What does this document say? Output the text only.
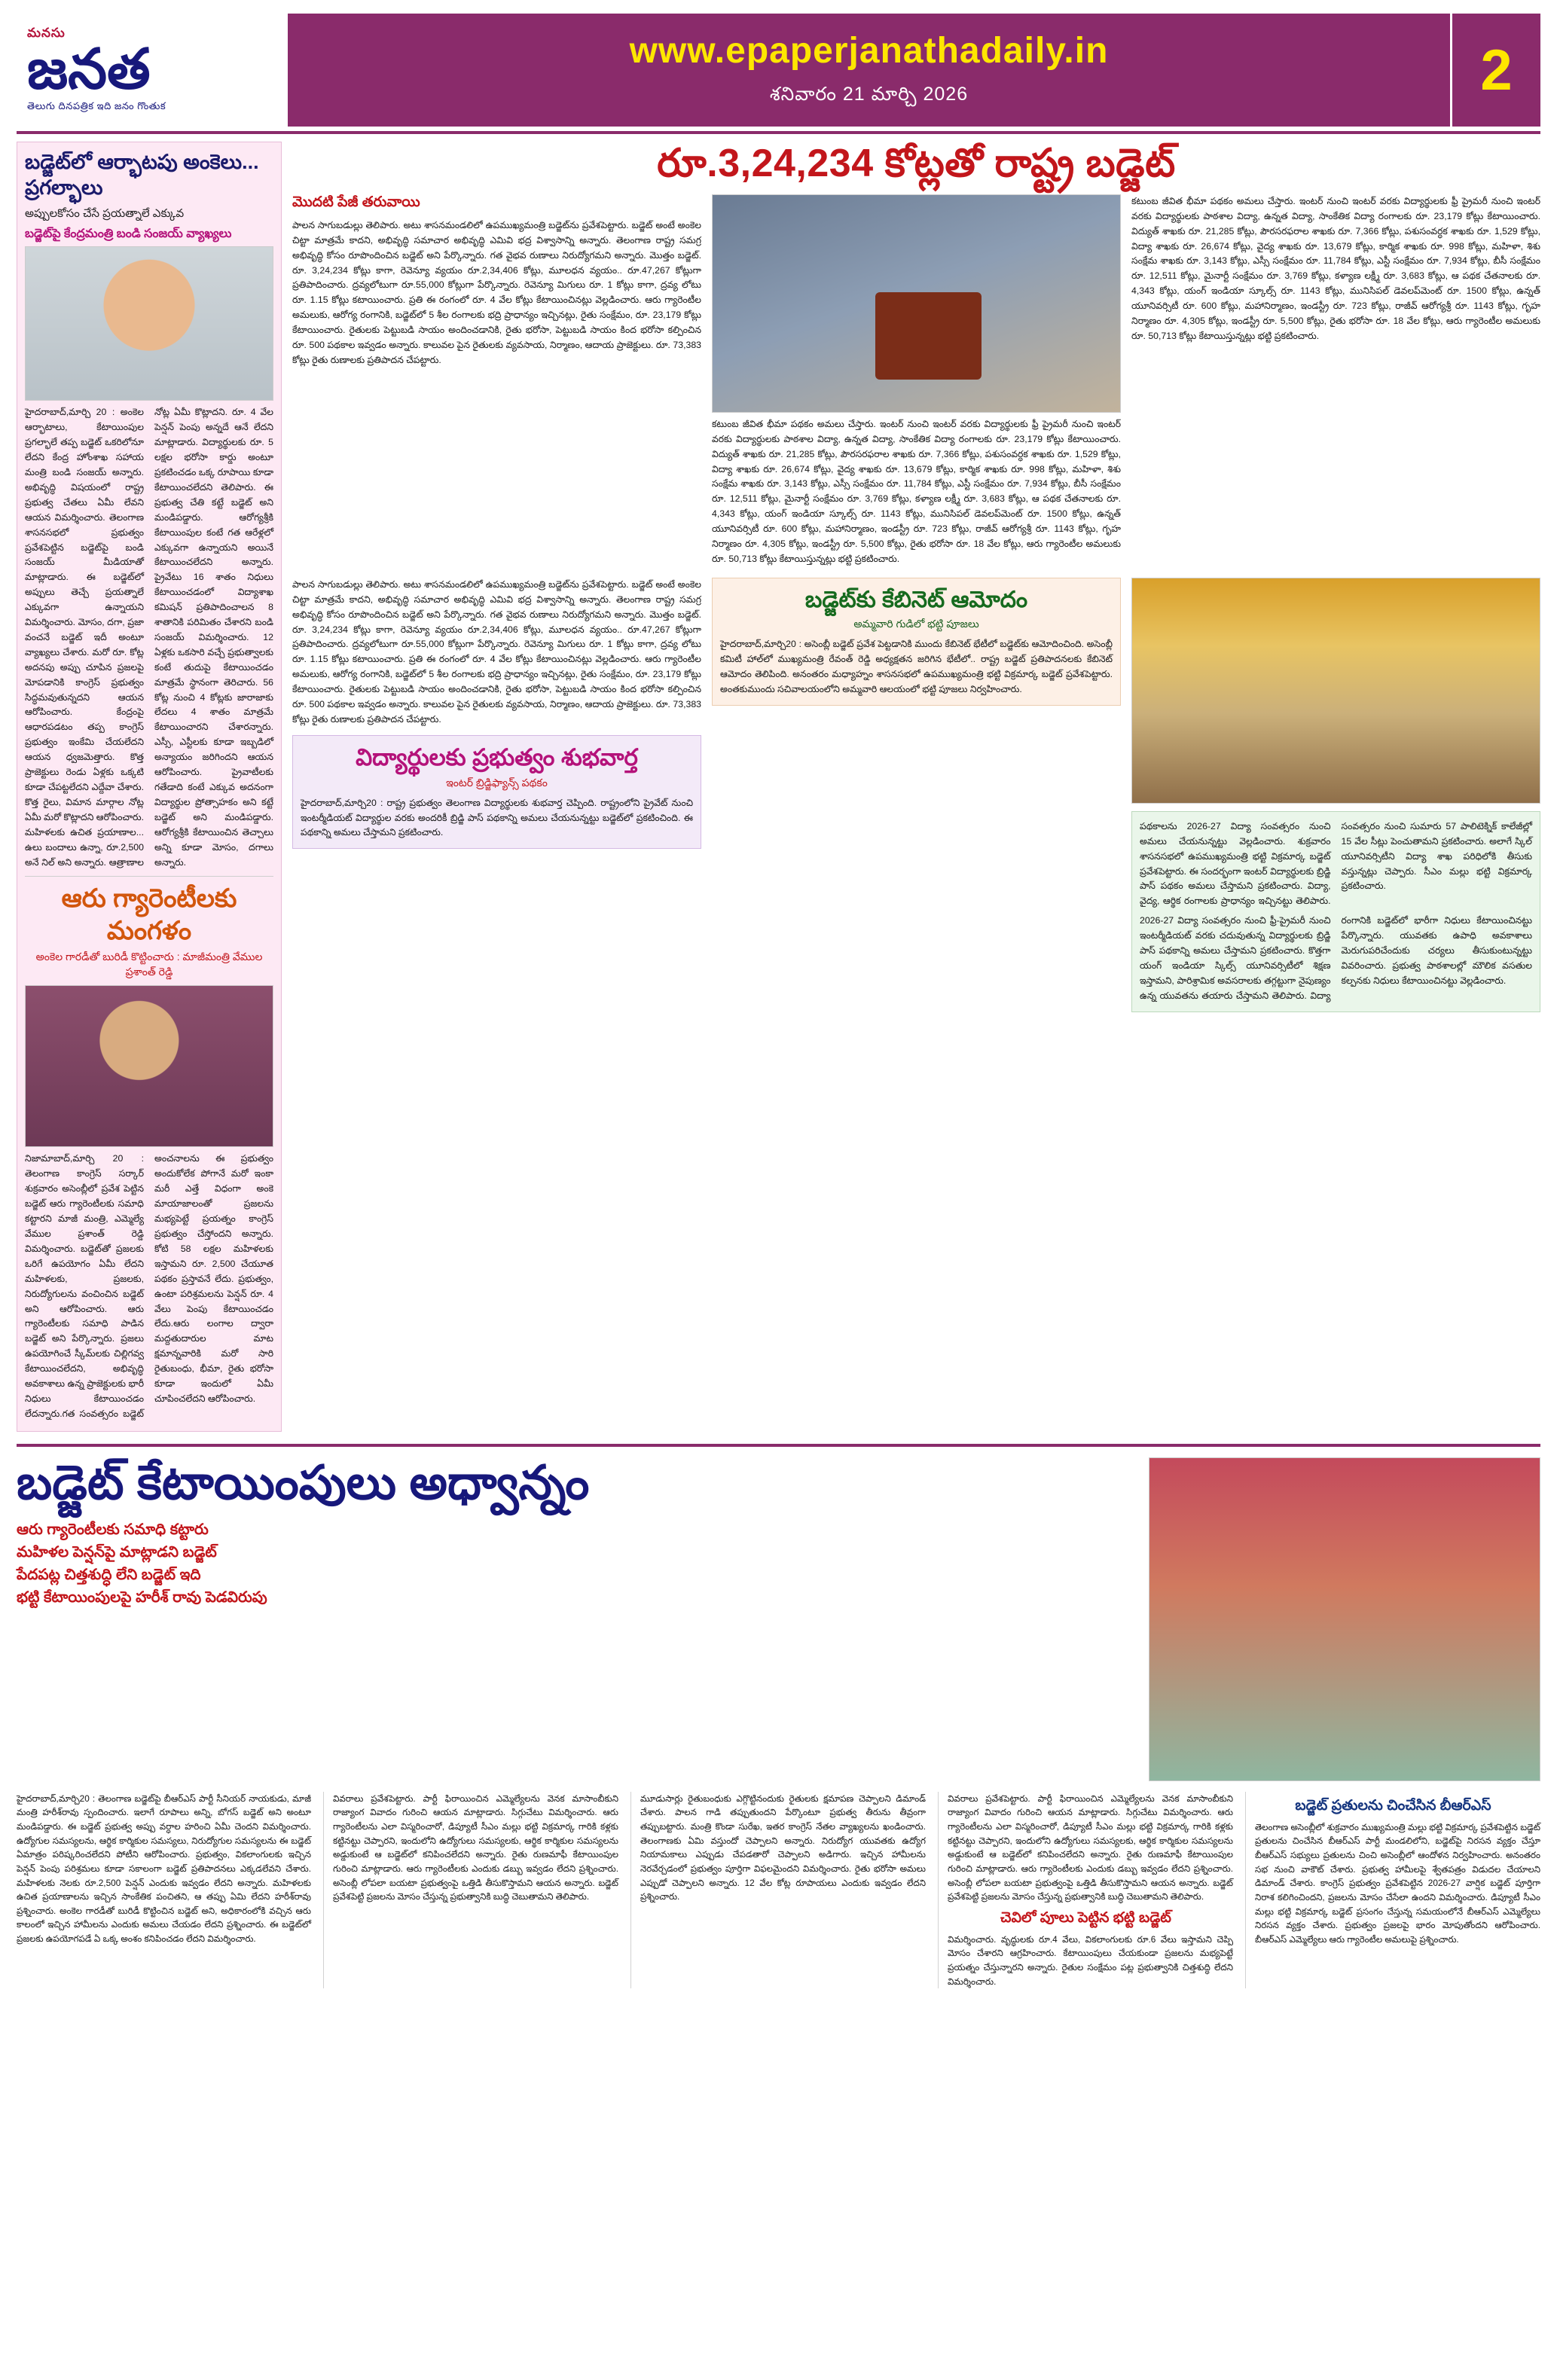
మనసు
జనత
తెలుగు దినపత్రిక ఇది జనం గొంతుక
www.epaperjanathadaily.in
శనివారం 21 మార్చి 2026	2
బడ్జెట్‌లో ఆర్భాటపు అంకెలు... ప్రగల్భాలు
అప్పులకోసం చేసే ప్రయత్నాలే ఎక్కువ
బడ్జెట్‌పై కేంద్రమంత్రి బండి సంజయ్ వ్యాఖ్యలు
హైదరాబాద్,మార్చి 20 : అంకెల ఆర్భాటాలు, కేటాయింపుల ప్రగల్భాలే తప్ప బడ్జెట్ ఒకరిలోనూ లేదని కేంద్ర హోంశాఖ సహాయ మంత్రి బండి సంజయ్ అన్నారు. అభివృద్ధి విషయంలో రాష్ట్ర ప్రభుత్వ చేతలు ఏమీ లేవని ఆయన విమర్శించారు. తెలంగాణ శాసనసభలో ప్రభుత్వం ప్రవేశపెట్టిన బడ్జెట్‌పై బండి సంజయ్ మీడియాతో మాట్లాడారు. ఈ బడ్జెట్‌లో అప్పులు తెచ్చే ప్రయత్నాలే ఎక్కువగా ఉన్నాయని విమర్శించారు. మోసం, దగా, ప్రజా వంచనే బడ్జెట్ ఇదీ అంటూ వ్యాఖ్యలు చేశారు. మరో రూ. కోట్ల అదనపు అప్పు చూపిన ప్రజలపై మోపడానికి కాంగ్రెస్ ప్రభుత్వం సిద్ధమవుతున్నదని ఆయన ఆరోపించారు. కేంద్రంపై ఆధారపడటం తప్ప కాంగ్రెస్ ప్రభుత్వం ఇంకేమి చేయలేదని ఆయన ధ్వజమెత్తారు. కొత్త ప్రాజెక్టులు రెండు ఏళ్లకు ఒక్కటి కూడా చేపట్టలేదని ఎద్దేవా చేశారు. కొత్త రైలు, విమాన మార్గాల నోట్ల ఏమీ మరో కొట్లాదని ఆరోపించారు. మహిళలకు ఉచిత ప్రయాణాల... ఉలు బందాలు ఉన్నా, రూ.2,500 అనే నిల్ అని అన్నారు. ఆత్రాణాల నోట్ల ఏమీ కొట్లాదని. రూ. 4 వేల పెన్షన్ పెంపు అన్నదే ఆనే లేదని మాట్లాడారు. విద్యార్థులకు రూ. 5 లక్షల భరోసా కార్డు అంటూ ప్రకటించడం ఒక్క రూపాయి కూడా కేటాయించలేదని తెలిపారు. ఈ ప్రభుత్వ చేతి కట్టే బడ్జెట్ అని మండిపడ్డారు. ఆరోగ్యశ్రీకి కేటాయింపుల కంటే గత ఆరేళ్లలో ఎక్కువగా ఉన్నాయని అయినే కేటాయించలేదని అన్నారు. ప్రైవేటు 16 శాతం నిధులు కేటాయించడంలో విద్యాశాఖ కమిషన్ ప్రతిపాదించాలన 8 శాతానికి పరిమితం చేశారని బండి సంజయ్ విమర్శించారు. 12 ఏళ్లకు ఒకసారి వచ్చే ప్రభుత్వాలకు కంటే తుదుపై కేటాయించడం మాత్రమే స్థానంగా తెరిచారు. 56 కోట్ల నుంచి 4 కోట్లకు జారాజాకు లేదలు 4 శాతం మాత్రమే కేటాయించారని చేశారన్నారు. ఎస్సీ, ఎస్టీలకు కూడా ఇబ్బడిలో అన్యాయం జరిగిందని ఆయన ఆరోపించారు. ప్రైవాటీలకు గతేడాది కంటే ఎక్కువ అదనంగా విద్యార్థుల ప్రోత్సాహకం అని కట్టే బడ్జెట్ అని మండిపడ్డారు. ఆరోగ్యశ్రీకి కేటాయించిన తెచ్చాలు అన్ని కూడా మోసం, దగాలు అన్నారు.
ఆరు గ్యారెంటీలకు మంగళం
అంకెల గారడీతో బురిడీ కొట్టించారు : మాజీమంత్రి వేముల ప్రశాంత్ రెడ్డి
నిజామాబాద్,మార్చి 20 : తెలంగాణ కాంగ్రెస్ సర్కార్ శుక్రవారం అసెంబ్లీలో ప్రవేశ పెట్టిన బడ్జెట్ ఆరు గ్యారెంటీలకు సమాధి కట్టారని మాజీ మంత్రి, ఎమ్మెల్యే వేముల ప్రశాంత్ రెడ్డి విమర్శించారు. బడ్జెట్‌తో ప్రజలకు ఒరిగే ఉపయోగం ఏమీ లేదని మహిళలకు, ప్రజలకు, నిరుద్యోగులను వంచించిన బడ్జెట్ అని ఆరోపించారు. ఆరు గ్యారెంటీలకు సమాధి పాడిన బడ్జెట్ అని పేర్కొన్నారు. ప్రజలు ఉపయోగించే స్కీమ్‌లకు చిల్లిగవ్వ కేటాయించలేదని, అభివృద్ధి అవకాశాలు ఉన్న ప్రాజెక్టులకు భారీ నిధులు కేటాయించడం లేదన్నారు.గత సంవత్సరం బడ్జెట్ అంచనాలను ఈ ప్రభుత్వం అందుకోలేక పోగానే మరో ఇంకా మరీ ఎత్తే విధంగా అంకె మాయాజాలంతో ప్రజలను మభ్యపెట్టే ప్రయత్నం కాంగ్రెస్ ప్రభుత్వం చేస్తోందని అన్నారు. కోటి 58 లక్షల మహిళలకు ఇస్తామని రూ. 2,500 చేయూత పథకం ప్రస్తావనే లేదు. ప్రభుత్వం, ఉంటా పరిశ్రమలను పెన్షన్ రూ. 4 వేలు పెంపు కేటాయించడం లేదు.ఆరు లంగాల ద్వారా మద్దతుదారుల మాట క్షమాన్నవారికి మరో సారి రైతుబంధు, భీమా, రైతు భరోసా కూడా ఇందులో ఏమీ చూపించలేదని ఆరోపించారు.
రూ.3,24,234 కోట్లతో రాష్ట్ర బడ్జెట్
మొదటి పేజీ తరువాయి
పాలన సాగుబడుల్లు తెలిపారు. అటు శాసనమండలిలో ఉపముఖ్యమంత్రి బడ్జెట్‌ను ప్రవేశపెట్టారు. బడ్జెట్ అంటే అంకెల చిట్టా మాత్రమే కాదని, అభివృద్ధి సమాచార అభివృద్ధి ఎమివి భద్ర విశ్వాసాన్ని అన్నారు. తెలంగాణ రాష్ట్ర సమగ్ర అభివృద్ధి కోసం రూపొందించిన బడ్జెట్ అని పేర్కొన్నారు. గత వైభవ రుణాలు నిరుద్యోగమని అన్నారు. మొత్తం బడ్జెట్. రూ. 3,24,234 కోట్లు కాగా, రెవెన్యూ వ్యయం రూ.2,34,406 కోట్లు, మూలధన వ్యయం.. రూ.47,267 కోట్లుగా ప్రతిపాదించారు. ద్రవ్యలోటుగా రూ.55,000 కోట్లుగా పేర్కొన్నారు. రెవెన్యూ మిగులు రూ. 1 కోట్లు కాగా, ద్రవ్య లోటు రూ. 1.15 కోట్లు కటాయించారు. ప్రతి ఈ రంగంలో రూ. 4 వేల కోట్లు కేటాయించినట్లు వెల్లడించారు. ఆరు గ్యారెంటీల అమలుకు, ఆరోగ్య రంగానికి, బడ్జెట్‌లో 5 శీల రంగాలకు భద్రి ప్రాధాన్యం ఇచ్చినట్లు, రైతు సంక్షేమం, రూ. 23,179 కోట్లు కేటాయించారు. రైతులకు పెట్టుబడి సాయం అందించడానికి, రైతు భరోసా, పెట్టుబడి సాయం కింద భరోసా కల్పించిన రూ. 500 పథకాల ఇవ్వడం అన్నారు. కాలువల పైన రైతులకు వ్యవసాయ, నిర్మాణం, ఆదాయ ప్రాజెక్టులు. రూ. 73,383 కోట్లు రైతు రుణాలకు ప్రతిపాదన చేపట్టారు.
కటుంబ జీవిత భీమా పథకం అమలు చేస్తారు. ఇంటర్ నుంచి ఇంటర్ వరకు విద్యార్థులకు ఫ్రీ ప్రైమరీ నుంచి ఇంటర్ వరకు విద్యార్థులకు పాఠశాల విద్యా, ఉన్నత విద్యా, సాంకేతిక విద్యా రంగాలకు రూ. 23,179 కోట్లు కేటాయించారు. విద్యుత్ శాఖకు రూ. 21,285 కోట్లు, పౌరసరఫరాల శాఖకు రూ. 7,366 కోట్లు, పశుసంవర్ధక శాఖకు రూ. 1,529 కోట్లు, విద్యా శాఖకు రూ. 26,674 కోట్లు, వైద్య శాఖకు రూ. 13,679 కోట్లు, కార్మిక శాఖకు రూ. 998 కోట్లు, మహిళా, శిశు సంక్షేమ శాఖకు రూ. 3,143 కోట్లు, ఎస్సీ సంక్షేమం రూ. 11,784 కోట్లు, ఎస్టీ సంక్షేమం రూ. 7,934 కోట్లు, బీసీ సంక్షేమం రూ. 12,511 కోట్లు, మైనార్టీ సంక్షేమం రూ. 3,769 కోట్లు, కళ్యాణ లక్ష్మీ రూ. 3,683 కోట్లు, ఆ పథక చేతనాలకు రూ. 4,343 కోట్లు, యంగ్ ఇండియా స్కూల్స్ రూ. 1143 కోట్లు, మునిసిపల్ డెవలప్‌మెంట్ రూ. 1500 కోట్లు, ఉన్నత్ యూనివర్సిటీ రూ. 600 కోట్లు, మహానిర్మాణం, ఇండస్ట్రీ రూ. 723 కోట్లు, రాజీవ్ ఆరోగ్యశ్రీ రూ. 1143 కోట్లు, గృహ నిర్మాణం రూ. 4,305 కోట్లు, ఇండస్ట్రీ రూ. 5,500 కోట్లు, రైతు భరోసా రూ. 18 వేల కోట్లు, ఆరు గ్యారెంటీల అమలుకు రూ. 50,713 కోట్లు కేటాయిస్తున్నట్లు భట్టి ప్రకటించారు.
కటుంబ జీవిత భీమా పథకం అమలు చేస్తారు. ఇంటర్ నుంచి ఇంటర్ వరకు విద్యార్థులకు ఫ్రీ ప్రైమరీ నుంచి ఇంటర్ వరకు విద్యార్థులకు పాఠశాల విద్యా, ఉన్నత విద్యా, సాంకేతిక విద్యా రంగాలకు రూ. 23,179 కోట్లు కేటాయించారు. విద్యుత్ శాఖకు రూ. 21,285 కోట్లు, పౌరసరఫరాల శాఖకు రూ. 7,366 కోట్లు, పశుసంవర్ధక శాఖకు రూ. 1,529 కోట్లు, విద్యా శాఖకు రూ. 26,674 కోట్లు, వైద్య శాఖకు రూ. 13,679 కోట్లు, కార్మిక శాఖకు రూ. 998 కోట్లు, మహిళా, శిశు సంక్షేమ శాఖకు రూ. 3,143 కోట్లు, ఎస్సీ సంక్షేమం రూ. 11,784 కోట్లు, ఎస్టీ సంక్షేమం రూ. 7,934 కోట్లు, బీసీ సంక్షేమం రూ. 12,511 కోట్లు, మైనార్టీ సంక్షేమం రూ. 3,769 కోట్లు, కళ్యాణ లక్ష్మీ రూ. 3,683 కోట్లు, ఆ పథక చేతనాలకు రూ. 4,343 కోట్లు, యంగ్ ఇండియా స్కూల్స్ రూ. 1143 కోట్లు, మునిసిపల్ డెవలప్‌మెంట్ రూ. 1500 కోట్లు, ఉన్నత్ యూనివర్సిటీ రూ. 600 కోట్లు, మహానిర్మాణం, ఇండస్ట్రీ రూ. 723 కోట్లు, రాజీవ్ ఆరోగ్యశ్రీ రూ. 1143 కోట్లు, గృహ నిర్మాణం రూ. 4,305 కోట్లు, ఇండస్ట్రీ రూ. 5,500 కోట్లు, రైతు భరోసా రూ. 18 వేల కోట్లు, ఆరు గ్యారెంటీల అమలుకు రూ. 50,713 కోట్లు కేటాయిస్తున్నట్లు భట్టి ప్రకటించారు.
పాలన సాగుబడుల్లు తెలిపారు. అటు శాసనమండలిలో ఉపముఖ్యమంత్రి బడ్జెట్‌ను ప్రవేశపెట్టారు. బడ్జెట్ అంటే అంకెల చిట్టా మాత్రమే కాదని, అభివృద్ధి సమాచార అభివృద్ధి ఎమివి భద్ర విశ్వాసాన్ని అన్నారు. తెలంగాణ రాష్ట్ర సమగ్ర అభివృద్ధి కోసం రూపొందించిన బడ్జెట్ అని పేర్కొన్నారు. గత వైభవ రుణాలు నిరుద్యోగమని అన్నారు. మొత్తం బడ్జెట్. రూ. 3,24,234 కోట్లు కాగా, రెవెన్యూ వ్యయం రూ.2,34,406 కోట్లు, మూలధన వ్యయం.. రూ.47,267 కోట్లుగా ప్రతిపాదించారు. ద్రవ్యలోటుగా రూ.55,000 కోట్లుగా పేర్కొన్నారు. రెవెన్యూ మిగులు రూ. 1 కోట్లు కాగా, ద్రవ్య లోటు రూ. 1.15 కోట్లు కటాయించారు. ప్రతి ఈ రంగంలో రూ. 4 వేల కోట్లు కేటాయించినట్లు వెల్లడించారు. ఆరు గ్యారెంటీల అమలుకు, ఆరోగ్య రంగానికి, బడ్జెట్‌లో 5 శీల రంగాలకు భద్రి ప్రాధాన్యం ఇచ్చినట్లు, రైతు సంక్షేమం, రూ. 23,179 కోట్లు కేటాయించారు. రైతులకు పెట్టుబడి సాయం అందించడానికి, రైతు భరోసా, పెట్టుబడి సాయం కింద భరోసా కల్పించిన రూ. 500 పథకాల ఇవ్వడం అన్నారు. కాలువల పైన రైతులకు వ్యవసాయ, నిర్మాణం, ఆదాయ ప్రాజెక్టులు. రూ. 73,383 కోట్లు రైతు రుణాలకు ప్రతిపాదన చేపట్టారు.
విద్యార్థులకు ప్రభుత్వం శుభవార్త
ఇంటర్ బ్రిడ్జిఫ్యాన్స్ పథకం
హైదరాబాద్,మార్చి20 : రాష్ట్ర ప్రభుత్వం తెలంగాణ విద్యార్థులకు శుభవార్త చెప్పింది. రాష్ట్రంలోని ప్రైవేట్ నుంచి ఇంటర్మీడియట్ విద్యార్థుల వరకు అందరికీ బ్రిడ్జి పాస్ పథకాన్ని అమలు చేయనున్నట్టు బడ్జెట్‌లో ప్రకటించింది. ఈ పథకాన్ని అమలు చేస్తామని ప్రకటించారు.
బడ్జెట్‌కు కేబినెట్ ఆమోదం
అమ్మవారి గుడిలో భట్టి పూజలు
హైదరాబాద్,మార్చి20 : అసెంబ్లీ బడ్జెట్ ప్రవేశ పెట్టడానికి ముందు కేబినెట్ భేటీలో బడ్జెట్‌కు ఆమోదించింది. అసెంబ్లీ కమిటీ హాల్‌లో ముఖ్యమంత్రి రేవంత్ రెడ్డి అధ్యక్షతన జరిగిన భేటీలో.. రాష్ట్ర బడ్జెట్ ప్రతిపాదనలకు కేబినెట్ ఆమోదం తెలిపింది. అనంతరం మధ్యాహ్నం శాసనసభలో ఉపముఖ్యమంత్రి భట్టి విక్రమార్క బడ్జెట్ ప్రవేశపెట్టారు. అంతకుముందు సచివాలయంలోని అమ్మవారి ఆలయంలో భట్టి పూజలు నిర్వహించారు.
పథకాలను 2026-27 విద్యా సంవత్సరం నుంచి అమలు చేయనున్నట్టు వెల్లడించారు. శుక్రవారం శాసనసభలో ఉపముఖ్యమంత్రి భట్టి విక్రమార్క బడ్జెట్ ప్రవేశపెట్టారు. ఈ సందర్భంగా ఇంటర్ విద్యార్థులకు బ్రిడ్జి పాస్ పథకం అమలు చేస్తామని ప్రకటించారు. విద్యా, వైద్య, ఆర్థిక రంగాలకు ప్రాధాన్యం ఇచ్చినట్టు తెలిపారు. సంవత్సరం నుంచి సుమారు 57 పాలిటెక్నిక్ కాలేజీల్లో 15 వేల సీట్లు పెంచుతామని ప్రకటించారు. అలాగే స్కిల్ యూనివర్సిటీని విద్యా శాఖ పరిధిలోకి తీసుకు వస్తున్నట్లు చెప్పారు. సీఎం మల్లు భట్టి విక్రమార్క ప్రకటించారు.
2026-27 విద్యా సంవత్సరం నుంచి ఫ్రీ-ప్రైమరీ నుంచి ఇంటర్మీడియట్ వరకు చదువుతున్న విద్యార్థులకు బ్రిడ్జి పాస్ పథకాన్ని అమలు చేస్తామని ప్రకటించారు. కొత్తగా యంగ్ ఇండియా స్కిల్స్ యూనివర్సిటీలో శిక్షణ ఇస్తామని, పారిశ్రామిక అవసరాలకు తగ్గట్టుగా నైపుణ్యం ఉన్న యువతను తయారు చేస్తామని తెలిపారు. విద్యా రంగానికి బడ్జెట్‌లో భారీగా నిధులు కేటాయించినట్టు పేర్కొన్నారు. యువతకు ఉపాధి అవకాశాలు మెరుగుపరిచేందుకు చర్యలు తీసుకుంటున్నట్టు వివరించారు. ప్రభుత్వ పాఠశాలల్లో మౌలిక వసతుల కల్పనకు నిధులు కేటాయించినట్టు వెల్లడించారు.
బడ్జెట్ కేటాయింపులు అధ్వాన్నం
ఆరు గ్యారెంటీలకు సమాధి కట్టారు
మహిళల పెన్షన్‌పై మాట్లాడని బడ్జెట్
పేదపట్ల చిత్తశుద్ధి లేని బడ్జెట్ ఇది
భట్టి కేటాయింపులపై హరీశ్ రావు పెడవిరుపు
హైదరాబాద్,మార్చి20 : తెలంగాణ బడ్జెట్‌పై బీఆర్ఎస్ పార్టీ సీనియర్ నాయకుడు, మాజీ మంత్రి హరీశ్‌రావు స్పందించారు. ఇలాగే రూపాలు అన్ని, బోగస్ బడ్జెట్ అని అంటూ మండిపడ్డారు. ఈ బడ్జెట్ ప్రభుత్వ అప్పు వర్ధాల హరించి ఏమీ చెందని విమర్శించారు. ఉద్యోగుల సమస్యలను, ఆర్థిక కార్మికుల సమస్యలు, నిరుద్యోగుల సమస్యలను ఈ బడ్జెట్ ఏమాత్రం పరిష్కరించలేదని పోటీని ఆరోపించారు. ప్రభుత్వం, వికలాంగులకు ఇచ్చిన పెన్షన్ పెంపు పరిశ్రమలు కూడా సకాలంగా బడ్జెట్ ప్రతిపాదనలు ఎక్కడలేవని చేశారు. మహిళలకు నెలకు రూ.2,500 పెన్షన్ ఎందుకు ఇవ్వడం లేదని అన్నారు. మహిళలకు ఉచిత ప్రయాణాలను ఇచ్చిన సాంకేతిక పంచితని, ఆ తప్పు ఏమి లేదని హరీశ్‌రావు ప్రశ్నించారు. అంకెల గారడీతో బురిడీ కొట్టించిన బడ్జెట్ అని, అధికారంలోకి వచ్చిన ఆరు కాలంలో ఇచ్చిన హామీలను ఎందుకు అమలు చేయడం లేదని ప్రశ్నించారు. ఈ బడ్జెట్‌లో ప్రజలకు ఉపయోగపడే ఏ ఒక్క అంశం కనిపించడం లేదని విమర్శించారు.
వివరాలు ప్రవేశపెట్టారు. పార్టీ ఫిరాయించిన ఎమ్మెల్యేలను వెనక మాసాంబీకుని రాజ్యాంగ వివాదం గురించి ఆయన మాట్లాడారు. సిగ్గుచేటు విమర్శించారు. ఆరు గ్యారెంటీలను ఎలా విస్మరించారో, డిప్యూటీ సీఎం మల్లు భట్టి విక్రమార్క గారికి కళ్లకు కట్టినట్టు చెప్పారని, ఇందులోని ఉద్యోగులు సమస్యలకు, ఆర్థిక కార్మికుల సమస్యలను అడ్డుకుంటే ఆ బడ్జెట్‌లో కనిపించలేదని అన్నారు. రైతు రుణమాఫీ కేటాయింపుల గురించి మాట్లాడారు. ఆరు గ్యారెంటీలకు ఎందుకు డబ్బు ఇవ్వడం లేదని ప్రశ్నించారు. అసెంబ్లీ లోపలా బయటా ప్రభుత్వంపై ఒత్తిడి తీసుకొస్తామని ఆయన అన్నారు. బడ్జెట్ ప్రవేశపెట్టి ప్రజలను మోసం చేస్తున్న ప్రభుత్వానికి బుద్ధి చెబుతామని తెలిపారు.
మూడుసార్లు రైతుబంధుకు ఎగ్గొట్టినందుకు రైతులకు క్షమాపణ చెప్పాలని డిమాండ్ చేశారు. పాలన గాడి తప్పుతుందని పేర్కొంటూ ప్రభుత్వ తీరును తీవ్రంగా తప్పుబట్టారు. మంత్రి కొండా సురేఖ, ఇతర కాంగ్రెస్ నేతల వ్యాఖ్యలను ఖండించారు. తెలంగాణకు ఏమి వస్తుందో చెప్పాలని అన్నారు. నిరుద్యోగ యువతకు ఉద్యోగ నియామకాలు ఎప్పుడు చేపడతారో చెప్పాలని అడిగారు. ఇచ్చిన హామీలను నెరవేర్చడంలో ప్రభుత్వం పూర్తిగా విఫలమైందని విమర్శించారు. రైతు భరోసా అమలు ఎప్పుడో చెప్పాలని అన్నారు. 12 వేల కోట్ల రూపాయలు ఎందుకు ఇవ్వడం లేదని ప్రశ్నించారు.
వివరాలు ప్రవేశపెట్టారు. పార్టీ ఫిరాయించిన ఎమ్మెల్యేలను వెనక మాసాంబీకుని రాజ్యాంగ వివాదం గురించి ఆయన మాట్లాడారు. సిగ్గుచేటు విమర్శించారు. ఆరు గ్యారెంటీలను ఎలా విస్మరించారో, డిప్యూటీ సీఎం మల్లు భట్టి విక్రమార్క గారికి కళ్లకు కట్టినట్టు చెప్పారని, ఇందులోని ఉద్యోగులు సమస్యలకు, ఆర్థిక కార్మికుల సమస్యలను అడ్డుకుంటే ఆ బడ్జెట్‌లో కనిపించలేదని అన్నారు. రైతు రుణమాఫీ కేటాయింపుల గురించి మాట్లాడారు. ఆరు గ్యారెంటీలకు ఎందుకు డబ్బు ఇవ్వడం లేదని ప్రశ్నించారు. అసెంబ్లీ లోపలా బయటా ప్రభుత్వంపై ఒత్తిడి తీసుకొస్తామని ఆయన అన్నారు. బడ్జెట్ ప్రవేశపెట్టి ప్రజలను మోసం చేస్తున్న ప్రభుత్వానికి బుద్ధి చెబుతామని తెలిపారు.
చెవిలో పూలు పెట్టిన భట్టి బడ్జెట్
విమర్శించారు. వృద్ధులకు రూ.4 వేలు, వికలాంగులకు రూ.6 వేలు ఇస్తామని చెప్పి మోసం చేశారని ఆగ్రహించారు. కేటాయింపులు చేయకుండా ప్రజలను మభ్యపెట్టే ప్రయత్నం చేస్తున్నారని అన్నారు. రైతుల సంక్షేమం పట్ల ప్రభుత్వానికి చిత్తశుద్ధి లేదని విమర్శించారు.
బడ్జెట్ ప్రతులను చించేసిన బీఆర్ఎస్
తెలంగాణ అసెంబ్లీలో శుక్రవారం ముఖ్యమంత్రి మల్లు భట్టి విక్రమార్క ప్రవేశపెట్టిన బడ్జెట్ ప్రతులను చించేసిన బీఆర్ఎస్ పార్టీ మండలిలోని, బడ్జెట్‌పై నిరసన వ్యక్తం చేస్తూ బీఆర్ఎస్ సభ్యులు ప్రతులను చించి అసెంబ్లీలో ఆందోళన నిర్వహించారు. అనంతరం సభ నుంచి వాకౌట్ చేశారు. ప్రభుత్వ హామీలపై శ్వేతపత్రం విడుదల చేయాలని డిమాండ్ చేశారు. కాంగ్రెస్ ప్రభుత్వం ప్రవేశపెట్టిన 2026-27 వార్షిక బడ్జెట్ పూర్తిగా నిరాశ కలిగించిందని, ప్రజలను మోసం చేసేలా ఉందని విమర్శించారు. డిప్యూటీ సీఎం మల్లు భట్టి విక్రమార్క బడ్జెట్ ప్రసంగం చేస్తున్న సమయంలోనే బీఆర్ఎస్ ఎమ్మెల్యేలు నిరసన వ్యక్తం చేశారు. ప్రభుత్వం ప్రజలపై భారం మోపుతోందని ఆరోపించారు. బీఆర్ఎస్ ఎమ్మెల్యేలు ఆరు గ్యారెంటీల అమలుపై ప్రశ్నించారు.
